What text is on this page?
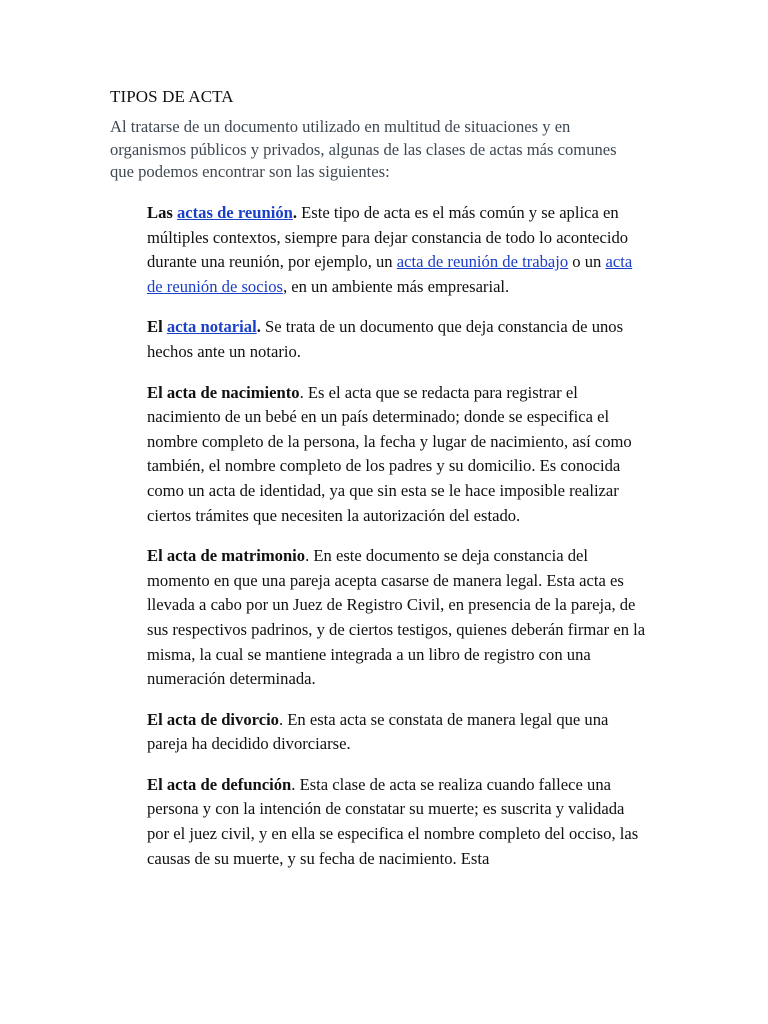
TIPOS DE ACTA

Al tratarse de un documento utilizado en multitud de situaciones y en organismos públicos y privados, algunas de las clases de actas más comunes que podemos encontrar son las siguientes:

Las actas de reunión. Este tipo de acta es el más común y se aplica en múltiples contextos, siempre para dejar constancia de todo lo acontecido durante una reunión, por ejemplo, un acta de reunión de trabajo o un acta de reunión de socios, en un ambiente más empresarial.

El acta notarial. Se trata de un documento que deja constancia de unos hechos ante un notario.

El acta de nacimiento. Es el acta que se redacta para registrar el nacimiento de un bebé en un país determinado; donde se especifica el nombre completo de la persona, la fecha y lugar de nacimiento, así como también, el nombre completo de los padres y su domicilio. Es conocida como un acta de identidad, ya que sin esta se le hace imposible realizar ciertos trámites que necesiten la autorización del estado.

El acta de matrimonio. En este documento se deja constancia del momento en que una pareja acepta casarse de manera legal. Esta acta es llevada a cabo por un Juez de Registro Civil, en presencia de la pareja, de sus respectivos padrinos, y de ciertos testigos, quienes deberán firmar en la misma, la cual se mantiene integrada a un libro de registro con una numeración determinada.

El acta de divorcio. En esta acta se constata de manera legal que una pareja ha decidido divorciarse.

El acta de defunción. Esta clase de acta se realiza cuando fallece una persona y con la intención de constatar su muerte; es suscrita y validada por el juez civil, y en ella se especifica el nombre completo del occiso, las causas de su muerte, y su fecha de nacimiento. Esta
